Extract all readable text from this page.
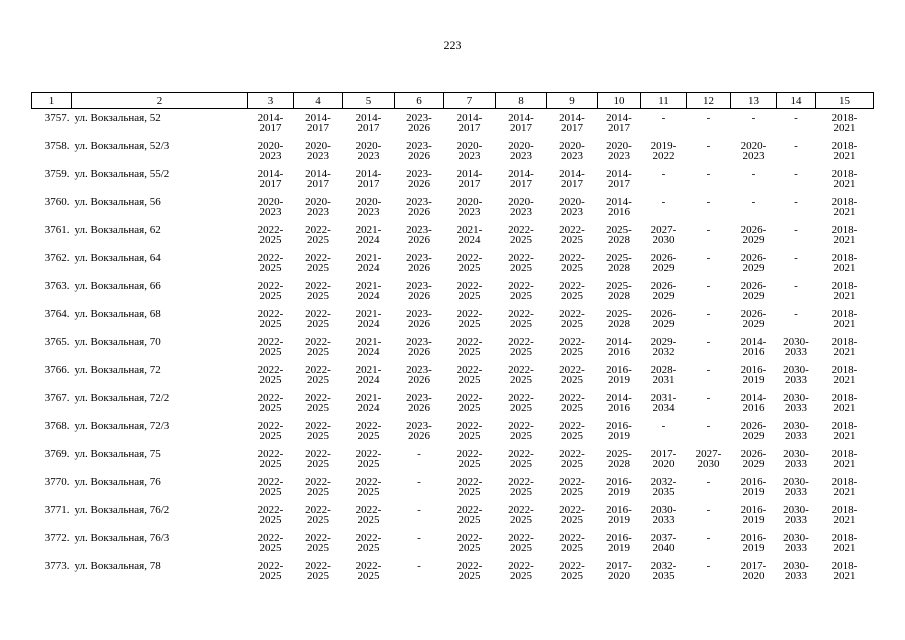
223
1	2	3	4	5	6	7	8	9	10	11	12	13	14	15

3757.	ул. Вокзальная, 52	2014-
2017	2014-
2017	2014-
2017	2023-
2026	2014-
2017	2014-
2017	2014-
2017	2014-
2017	-	-	-	-	2018-
2021

3758.	ул. Вокзальная, 52/3	2020-
2023	2020-
2023	2020-
2023	2023-
2026	2020-
2023	2020-
2023	2020-
2023	2020-
2023	2019-
2022	-	2020-
2023	-	2018-
2021

3759.	ул. Вокзальная, 55/2	2014-
2017	2014-
2017	2014-
2017	2023-
2026	2014-
2017	2014-
2017	2014-
2017	2014-
2017	-	-	-	-	2018-
2021

3760.	ул. Вокзальная, 56	2020-
2023	2020-
2023	2020-
2023	2023-
2026	2020-
2023	2020-
2023	2020-
2023	2014-
2016	-	-	-	-	2018-
2021

3761.	ул. Вокзальная, 62	2022-
2025	2022-
2025	2021-
2024	2023-
2026	2021-
2024	2022-
2025	2022-
2025	2025-
2028	2027-
2030	-	2026-
2029	-	2018-
2021

3762.	ул. Вокзальная, 64	2022-
2025	2022-
2025	2021-
2024	2023-
2026	2022-
2025	2022-
2025	2022-
2025	2025-
2028	2026-
2029	-	2026-
2029	-	2018-
2021

3763.	ул. Вокзальная, 66	2022-
2025	2022-
2025	2021-
2024	2023-
2026	2022-
2025	2022-
2025	2022-
2025	2025-
2028	2026-
2029	-	2026-
2029	-	2018-
2021

3764.	ул. Вокзальная, 68	2022-
2025	2022-
2025	2021-
2024	2023-
2026	2022-
2025	2022-
2025	2022-
2025	2025-
2028	2026-
2029	-	2026-
2029	-	2018-
2021

3765.	ул. Вокзальная, 70	2022-
2025	2022-
2025	2021-
2024	2023-
2026	2022-
2025	2022-
2025	2022-
2025	2014-
2016	2029-
2032	-	2014-
2016	2030-
2033	2018-
2021

3766.	ул. Вокзальная, 72	2022-
2025	2022-
2025	2021-
2024	2023-
2026	2022-
2025	2022-
2025	2022-
2025	2016-
2019	2028-
2031	-	2016-
2019	2030-
2033	2018-
2021

3767.	ул. Вокзальная, 72/2	2022-
2025	2022-
2025	2021-
2024	2023-
2026	2022-
2025	2022-
2025	2022-
2025	2014-
2016	2031-
2034	-	2014-
2016	2030-
2033	2018-
2021

3768.	ул. Вокзальная, 72/3	2022-
2025	2022-
2025	2022-
2025	2023-
2026	2022-
2025	2022-
2025	2022-
2025	2016-
2019	-	-	2026-
2029	2030-
2033	2018-
2021

3769.	ул. Вокзальная, 75	2022-
2025	2022-
2025	2022-
2025	-	2022-
2025	2022-
2025	2022-
2025	2025-
2028	2017-
2020	2027-
2030	2026-
2029	2030-
2033	2018-
2021

3770.	ул. Вокзальная, 76	2022-
2025	2022-
2025	2022-
2025	-	2022-
2025	2022-
2025	2022-
2025	2016-
2019	2032-
2035	-	2016-
2019	2030-
2033	2018-
2021

3771.	ул. Вокзальная, 76/2	2022-
2025	2022-
2025	2022-
2025	-	2022-
2025	2022-
2025	2022-
2025	2016-
2019	2030-
2033	-	2016-
2019	2030-
2033	2018-
2021

3772.	ул. Вокзальная, 76/3	2022-
2025	2022-
2025	2022-
2025	-	2022-
2025	2022-
2025	2022-
2025	2016-
2019	2037-
2040	-	2016-
2019	2030-
2033	2018-
2021

3773.	ул. Вокзальная, 78	2022-
2025	2022-
2025	2022-
2025	-	2022-
2025	2022-
2025	2022-
2025	2017-
2020	2032-
2035	-	2017-
2020	2030-
2033	2018-
2021
